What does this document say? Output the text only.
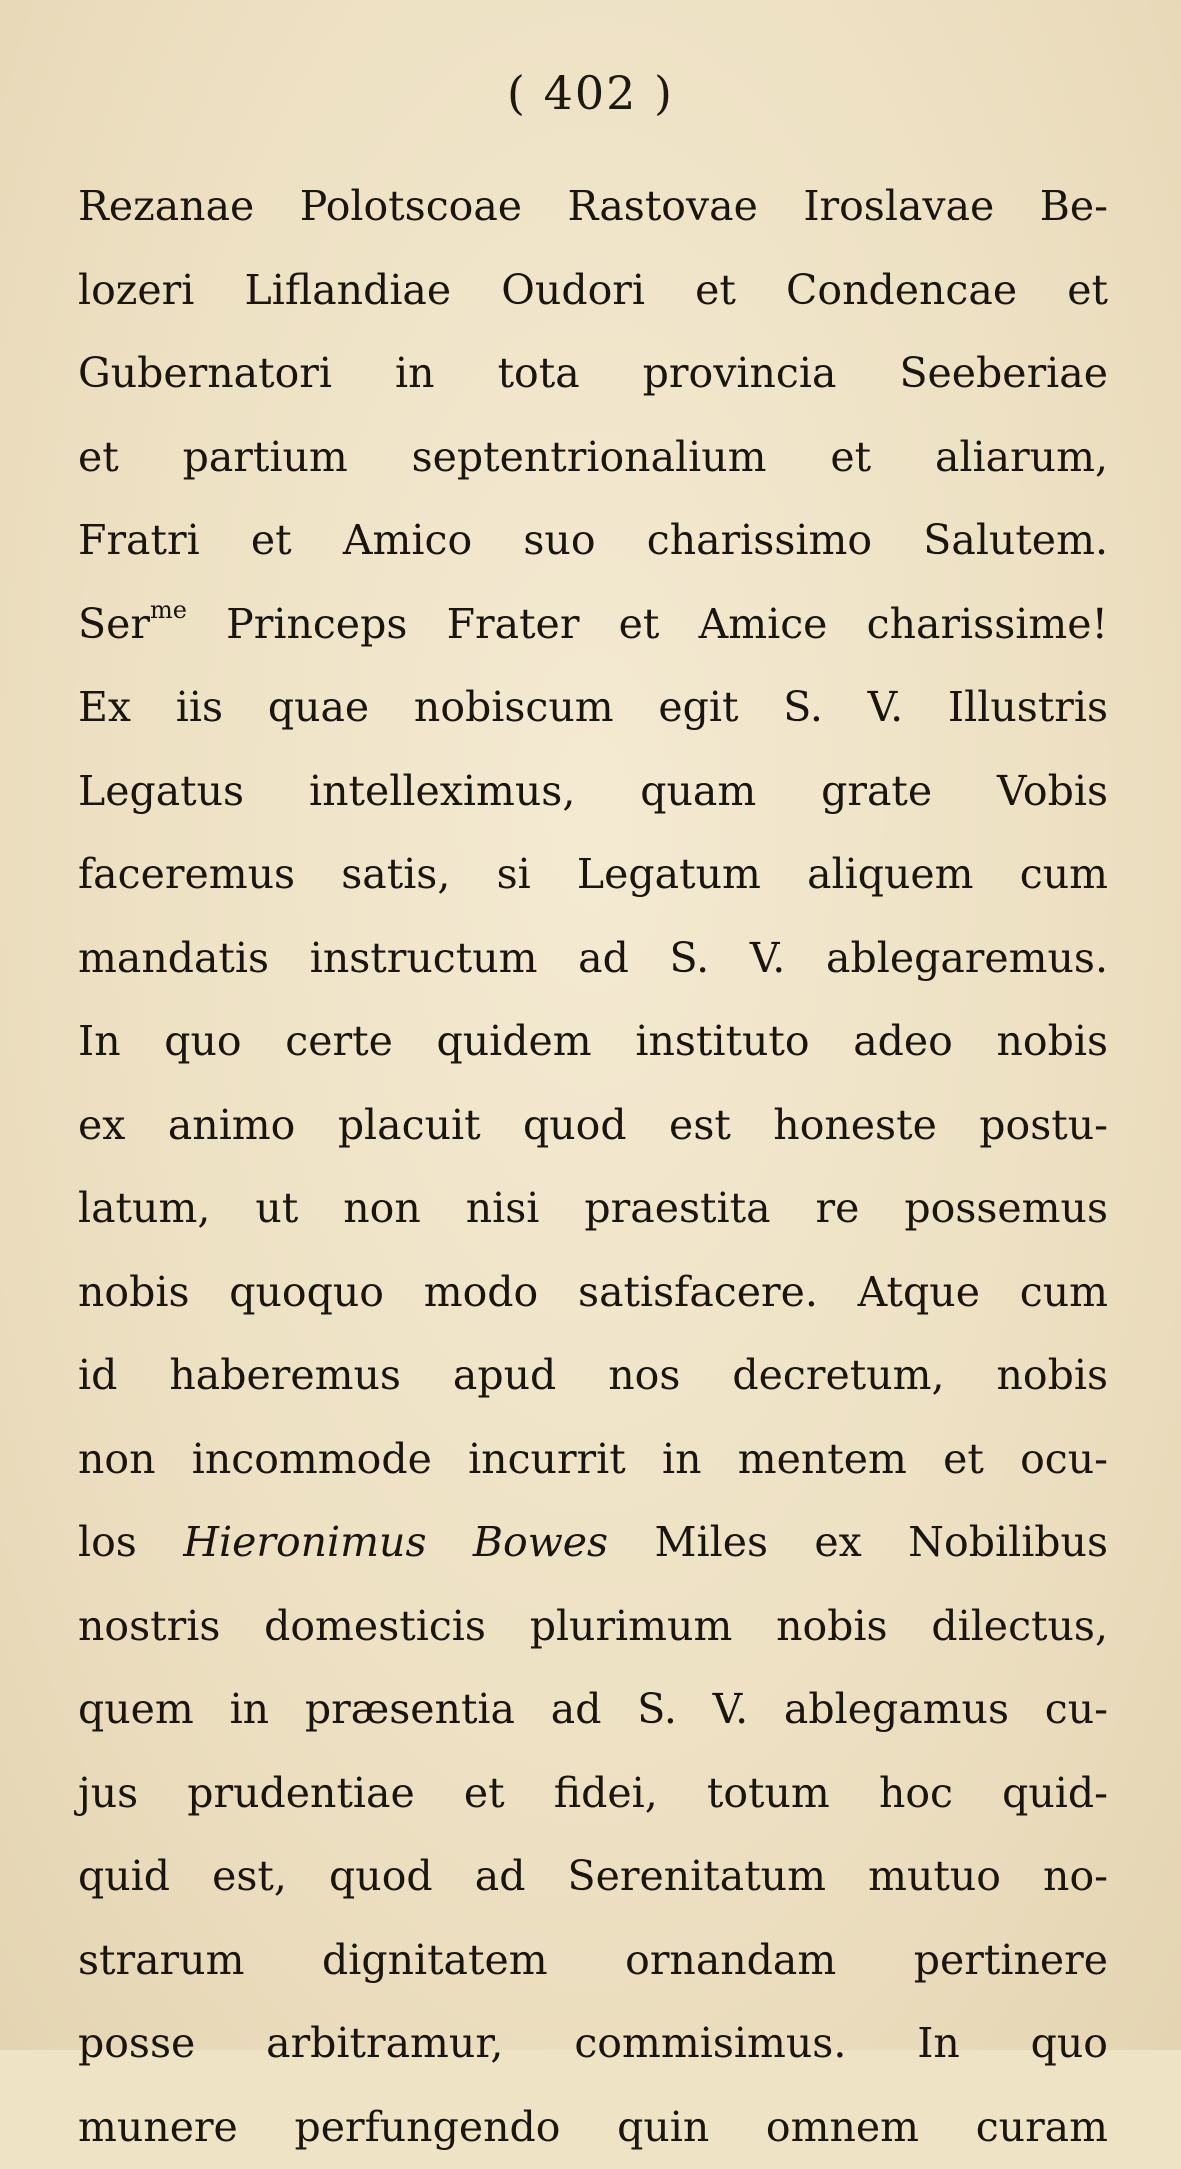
( 402 )
Rezanae Polotscoae Rastovae Iroslavae Be-
lozeri Liflandiae Oudori et Condencae et
Gubernatori in tota provincia Seeberiae
et partium septentrionalium et aliarum,
Fratri et Amico suo charissimo Salutem.
Ser$^{me}$ Princeps Frater et Amice charissime!
Ex iis quae nobiscum egit S. V. Illustris
Legatus intelleximus, quam grate Vobis
faceremus satis, si Legatum aliquem cum
mandatis instructum ad S. V. ablegaremus.
In quo certe quidem instituto adeo nobis
ex animo placuit quod est honeste postu-
latum, ut non nisi praestita re possemus
nobis quoquo modo satisfacere. Atque cum
id haberemus apud nos decretum, nobis
non incommode incurrit in mentem et ocu-
los Hieronimus Bowes Miles ex Nobilibus
nostris domesticis plurimum nobis dilectus,
quem in præsentia ad S. V. ablegamus cu-
jus prudentiae et fidei, totum hoc quid-
quid est, quod ad Serenitatum mutuo no-
strarum dignitatem ornandam pertinere
posse arbitramur, commisimus. In quo
munere perfungendo quin omnem curam
